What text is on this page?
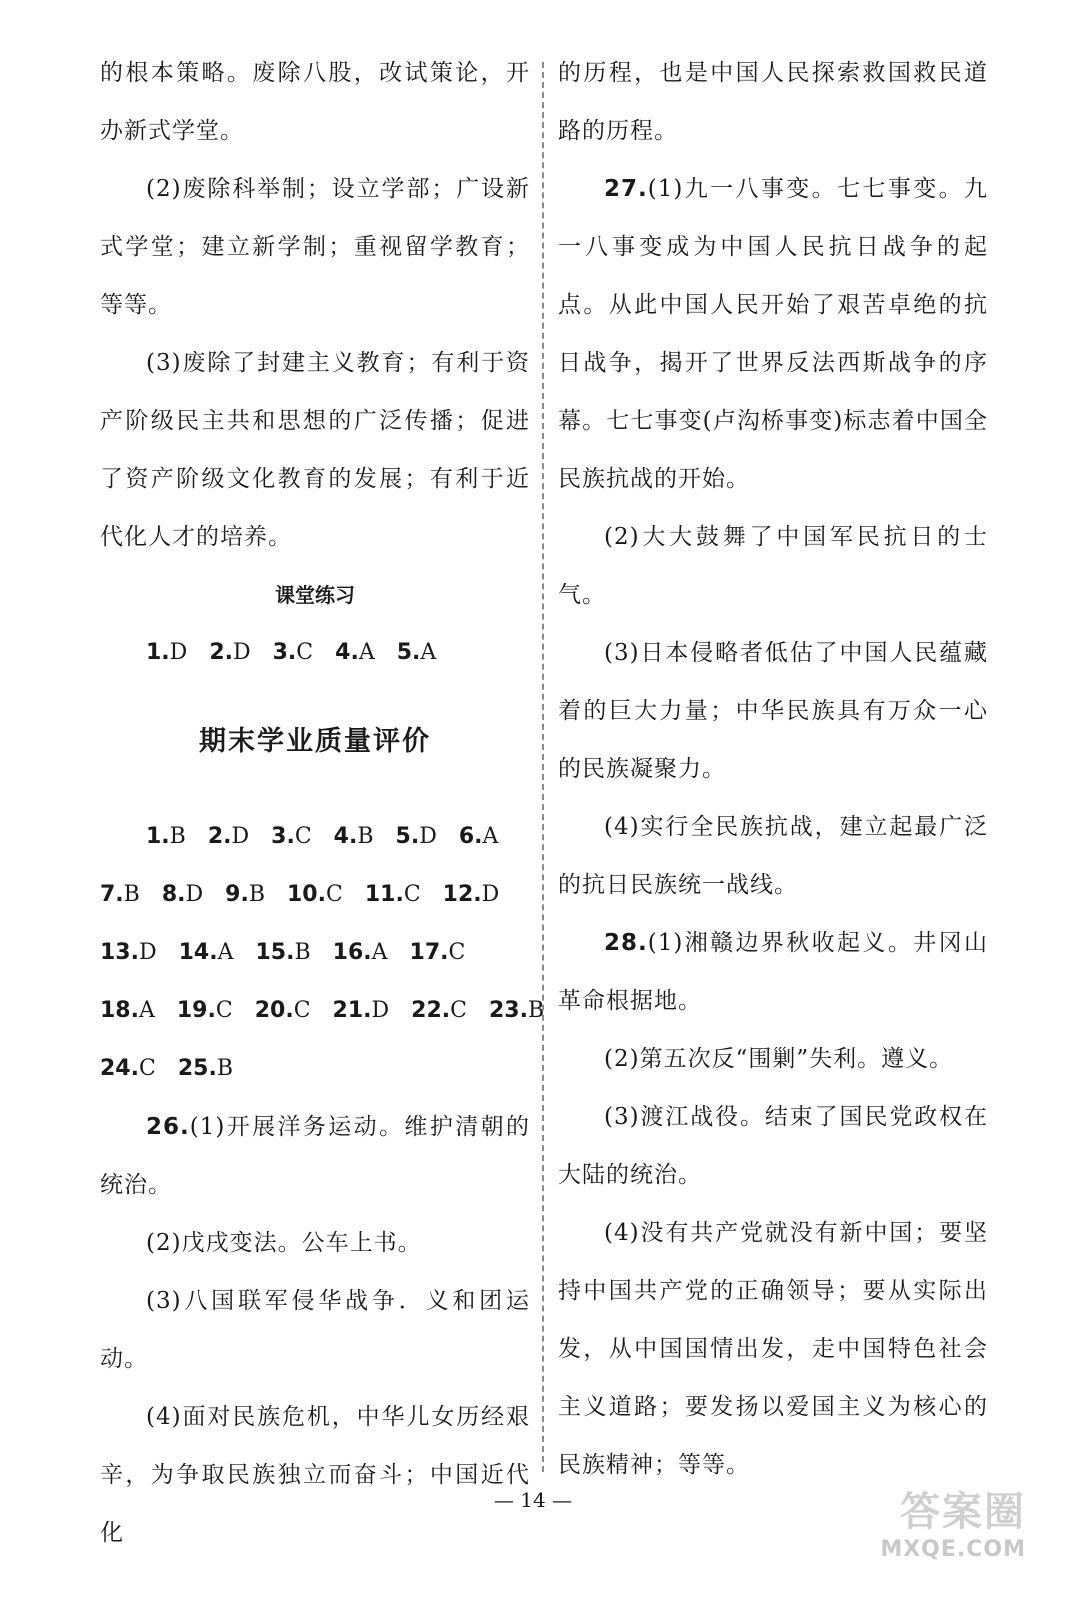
的根本策略。废除八股，改试策论，开办新式学堂。

(2)废除科举制；设立学部；广设新式学堂；建立新学制；重视留学教育；等等。

(3)废除了封建主义教育；有利于资产阶级民主共和思想的广泛传播；促进了资产阶级文化教育的发展；有利于近代化人才的培养。

课堂练习
1.D 2.D 3.C 4.A 5.A
期末学业质量评价
1.B 2.D 3.C 4.B 5.D 6.A
7.B 8.D 9.B 10.C 11.C 12.D
13.D 14.A 15.B 16.A 17.C
18.A 19.C 20.C 21.D 22.C 23.B
24.C 25.B

26.(1)开展洋务运动。维护清朝的统治。

(2)戊戌变法。公车上书。

(3)八国联军侵华战争．义和团运动。

(4)面对民族危机，中华儿女历经艰辛，为争取民族独立而奋斗；中国近代化

的历程，也是中国人民探索救国救民道路的历程。

27.(1)九一八事变。七七事变。九一八事变成为中国人民抗日战争的起点。从此中国人民开始了艰苦卓绝的抗日战争，揭开了世界反法西斯战争的序幕。七七事变(卢沟桥事变)标志着中国全民族抗战的开始。

(2)大大鼓舞了中国军民抗日的士气。

(3)日本侵略者低估了中国人民蕴藏着的巨大力量；中华民族具有万众一心的民族凝聚力。

(4)实行全民族抗战，建立起最广泛的抗日民族统一战线。

28.(1)湘赣边界秋收起义。井冈山革命根据地。

(2)第五次反“围剿”失利。遵义。

(3)渡江战役。结束了国民党政权在大陆的统治。

(4)没有共产党就没有新中国；要坚持中国共产党的正确领导；要从实际出发，从中国国情出发，走中国特色社会主义道路；要发扬以爱国主义为核心的民族精神；等等。

— 14 —	答案圈
MXQE.COM
